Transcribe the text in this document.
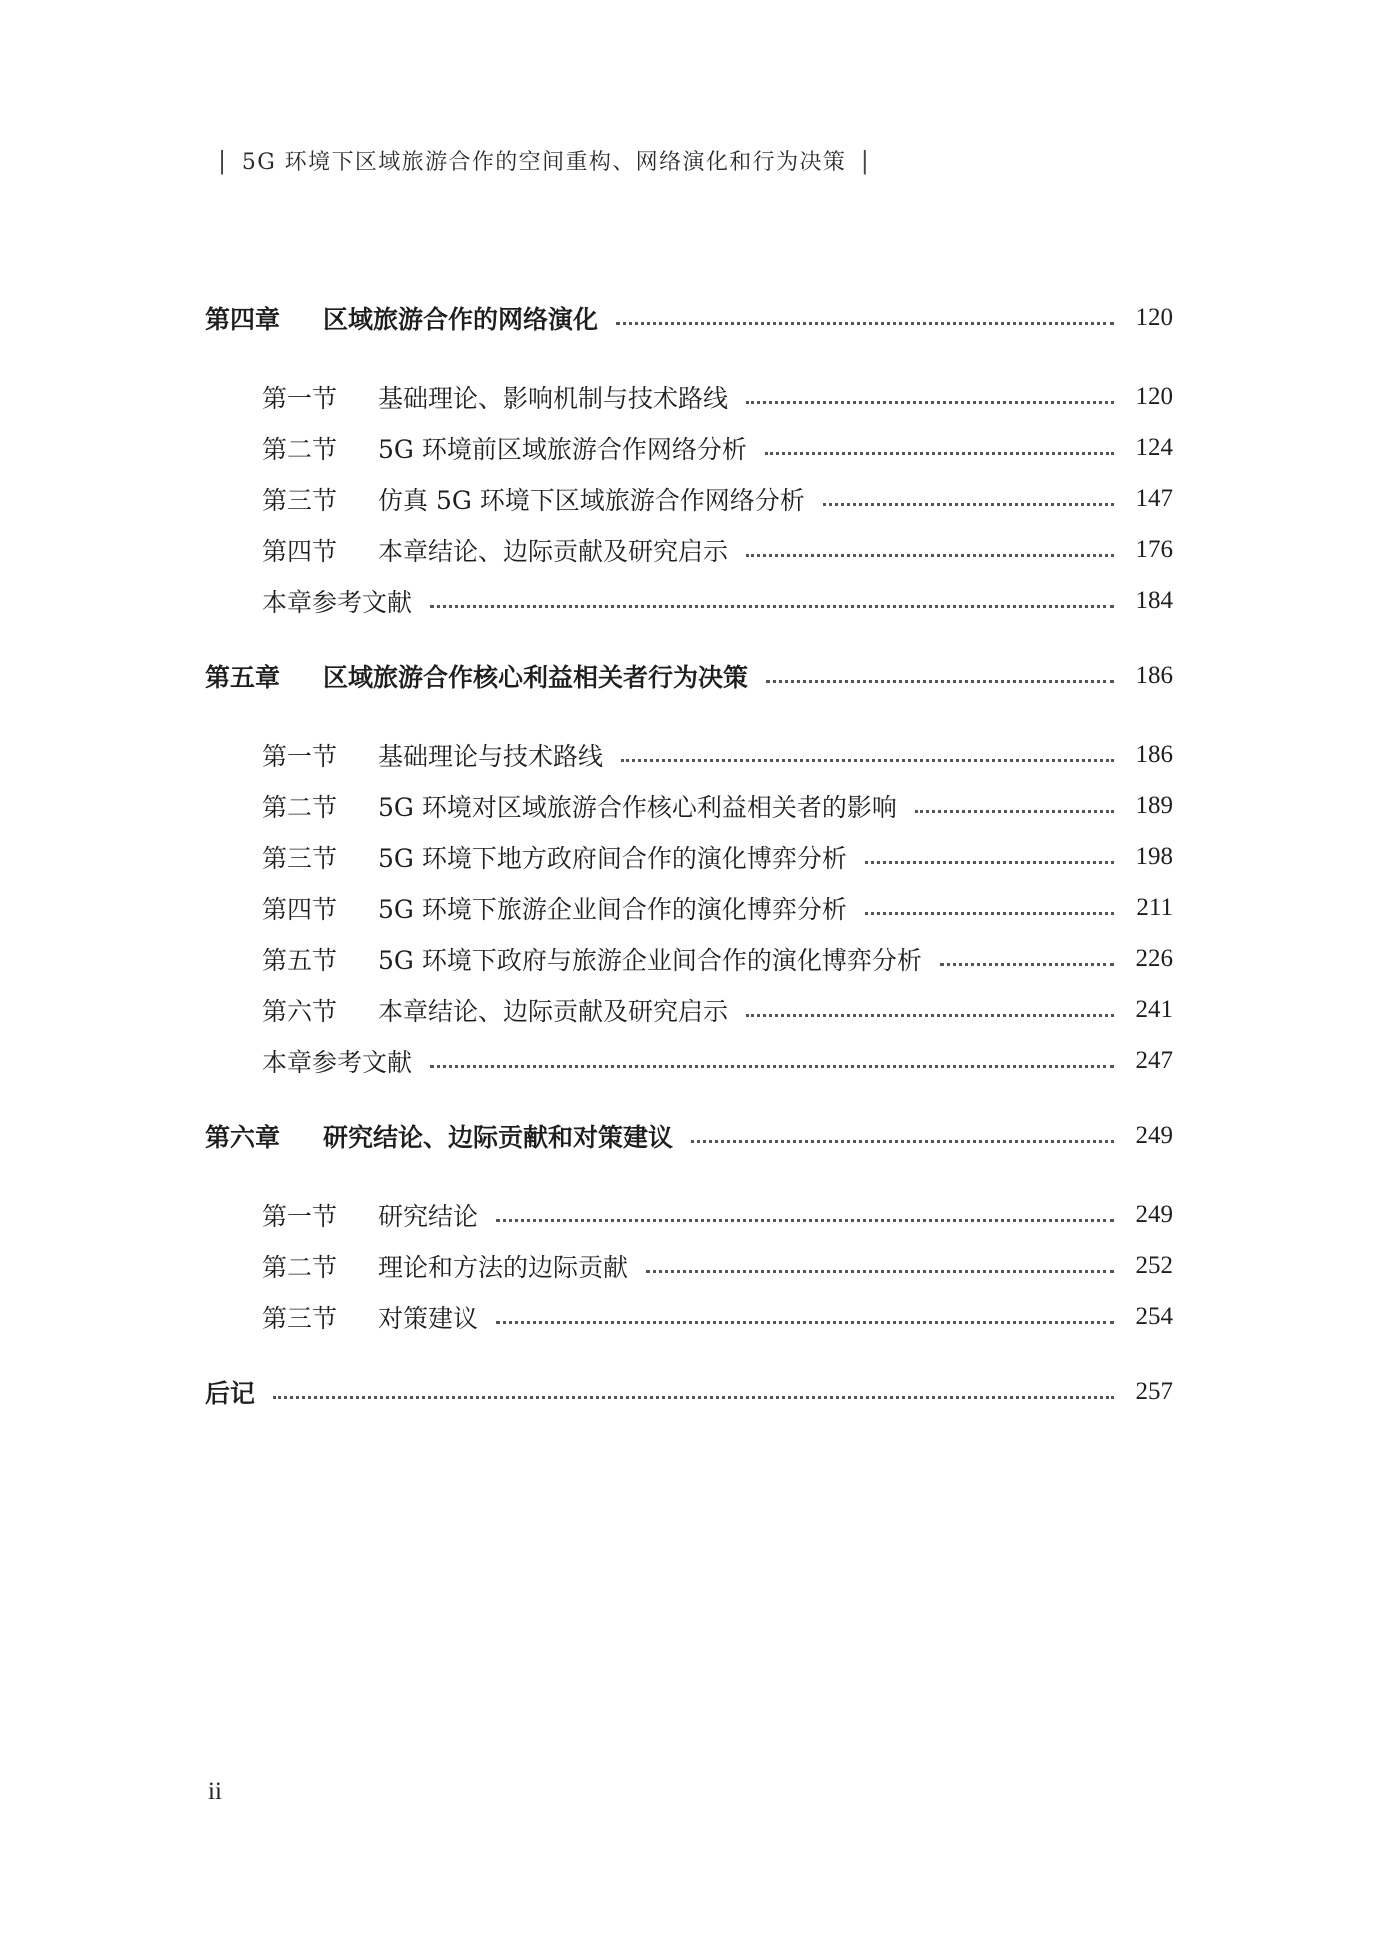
| 5G 环境下区域旅游合作的空间重构、网络演化和行为决策 |
第四章	区域旅游合作的网络演化	120
第一节	基础理论、影响机制与技术路线	120
第二节	5G 环境前区域旅游合作网络分析	124
第三节	仿真 5G 环境下区域旅游合作网络分析	147
第四节	本章结论、边际贡献及研究启示	176
本章参考文献	184
第五章	区域旅游合作核心利益相关者行为决策	186
第一节	基础理论与技术路线	186
第二节	5G 环境对区域旅游合作核心利益相关者的影响	189
第三节	5G 环境下地方政府间合作的演化博弈分析	198
第四节	5G 环境下旅游企业间合作的演化博弈分析	211
第五节	5G 环境下政府与旅游企业间合作的演化博弈分析	226
第六节	本章结论、边际贡献及研究启示	241
本章参考文献	247
第六章	研究结论、边际贡献和对策建议	249
第一节	研究结论	249
第二节	理论和方法的边际贡献	252
第三节	对策建议	254
后记	257
ii
